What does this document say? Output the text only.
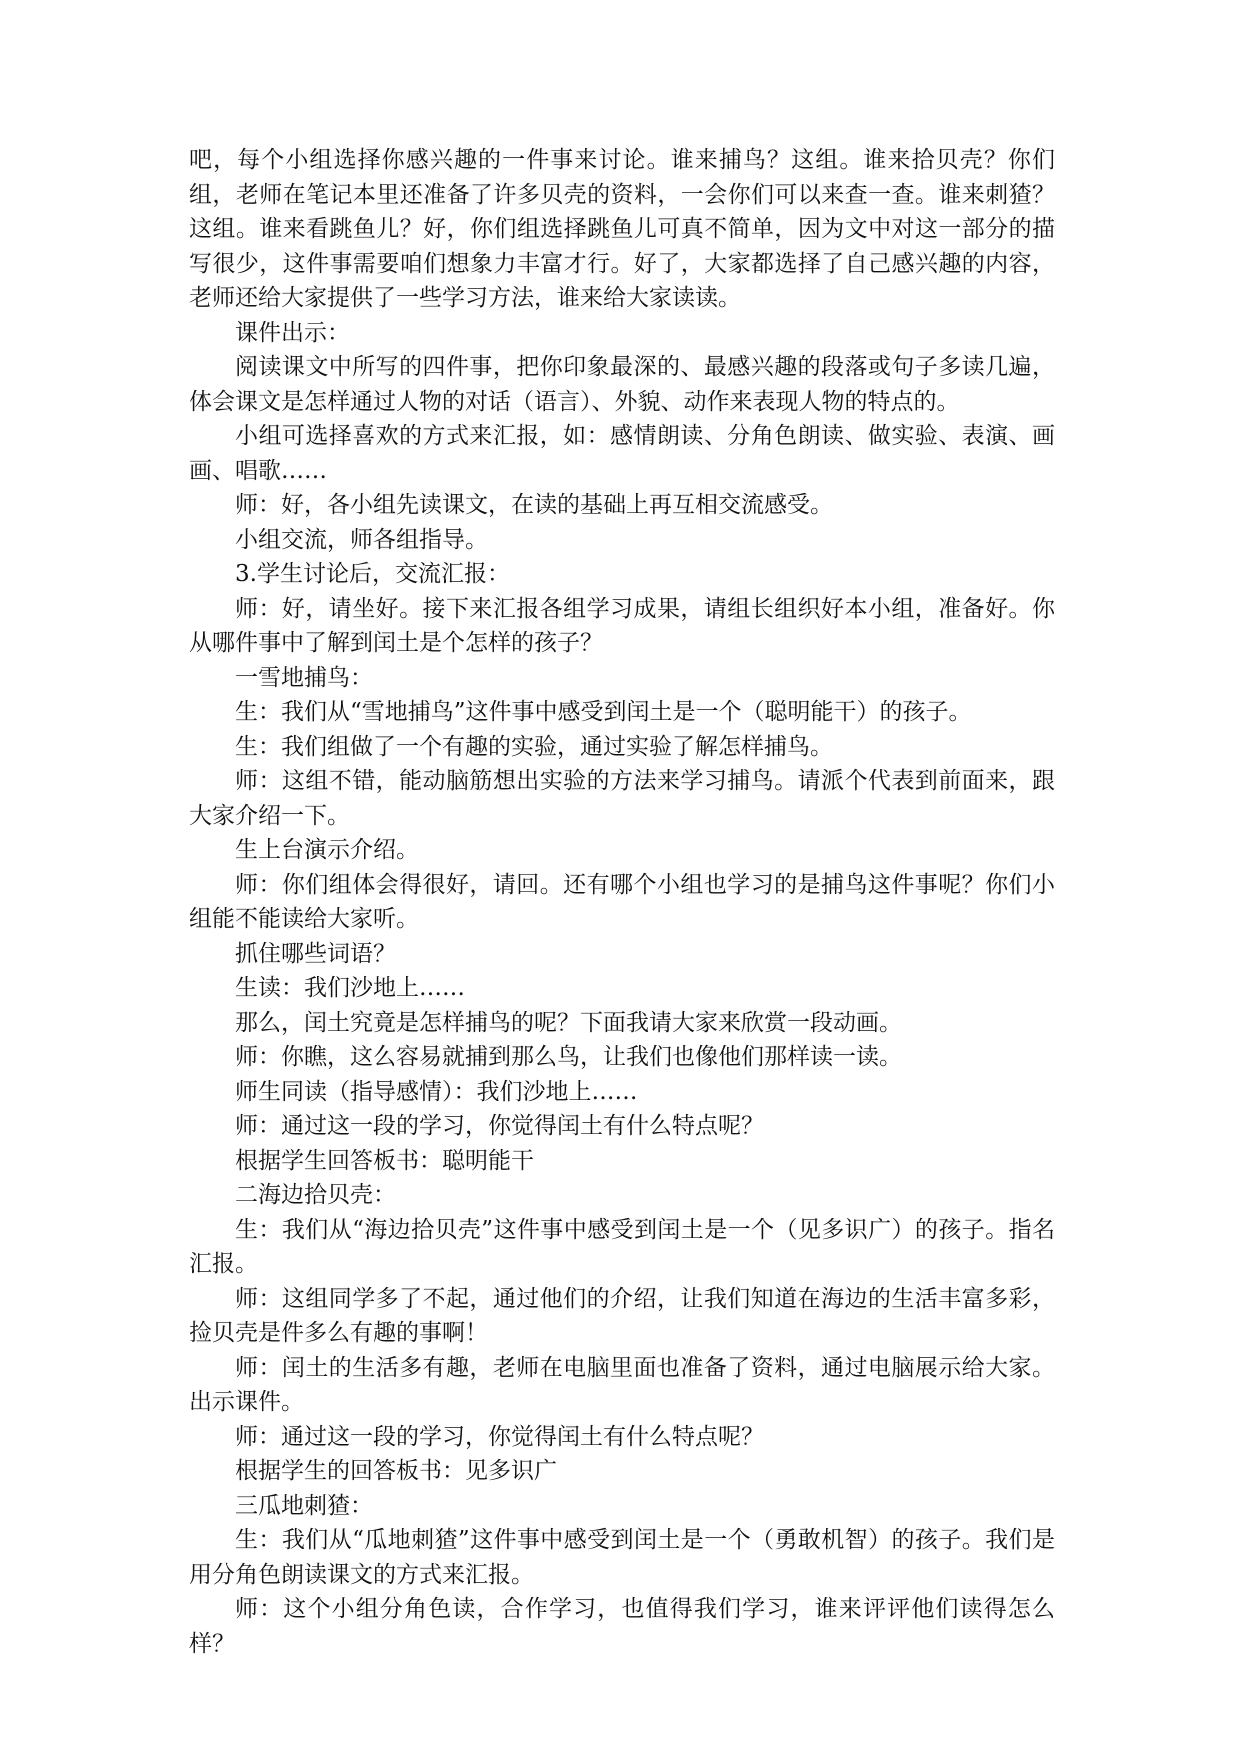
吧，每个小组选择你感兴趣的一件事来讨论。谁来捕鸟？这组。谁来拾贝壳？你们组，老师在笔记本里还准备了许多贝壳的资料，一会你们可以来查一查。谁来刺猹？这组。谁来看跳鱼儿？好，你们组选择跳鱼儿可真不简单，因为文中对这一部分的描写很少，这件事需要咱们想象力丰富才行。好了，大家都选择了自己感兴趣的内容，老师还给大家提供了一些学习方法，谁来给大家读读。

课件出示：

阅读课文中所写的四件事，把你印象最深的、最感兴趣的段落或句子多读几遍，体会课文是怎样通过人物的对话（语言）、外貌、动作来表现人物的特点的。

小组可选择喜欢的方式来汇报，如：感情朗读、分角色朗读、做实验、表演、画画、唱歌……

师：好，各小组先读课文，在读的基础上再互相交流感受。

小组交流，师各组指导。

3.学生讨论后，交流汇报：

师：好，请坐好。接下来汇报各组学习成果，请组长组织好本小组，准备好。你从哪件事中了解到闰土是个怎样的孩子？

一雪地捕鸟：

生：我们从“雪地捕鸟”这件事中感受到闰土是一个（聪明能干）的孩子。

生：我们组做了一个有趣的实验，通过实验了解怎样捕鸟。

师：这组不错，能动脑筋想出实验的方法来学习捕鸟。请派个代表到前面来，跟大家介绍一下。

生上台演示介绍。

师：你们组体会得很好，请回。还有哪个小组也学习的是捕鸟这件事呢？你们小组能不能读给大家听。

抓住哪些词语？

生读：我们沙地上……

那么，闰土究竟是怎样捕鸟的呢？下面我请大家来欣赏一段动画。

师：你瞧，这么容易就捕到那么鸟，让我们也像他们那样读一读。

师生同读（指导感情）：我们沙地上……

师：通过这一段的学习，你觉得闰土有什么特点呢？

根据学生回答板书：聪明能干

二海边拾贝壳：

生：我们从“海边拾贝壳”这件事中感受到闰土是一个（见多识广）的孩子。指名汇报。

师：这组同学多了不起，通过他们的介绍，让我们知道在海边的生活丰富多彩，捡贝壳是件多么有趣的事啊！

师：闰土的生活多有趣，老师在电脑里面也准备了资料，通过电脑展示给大家。出示课件。

师：通过这一段的学习，你觉得闰土有什么特点呢？

根据学生的回答板书：见多识广

三瓜地刺猹：

生：我们从“瓜地刺猹”这件事中感受到闰土是一个（勇敢机智）的孩子。我们是用分角色朗读课文的方式来汇报。

师：这个小组分角色读，合作学习，也值得我们学习，谁来评评他们读得怎么样？
